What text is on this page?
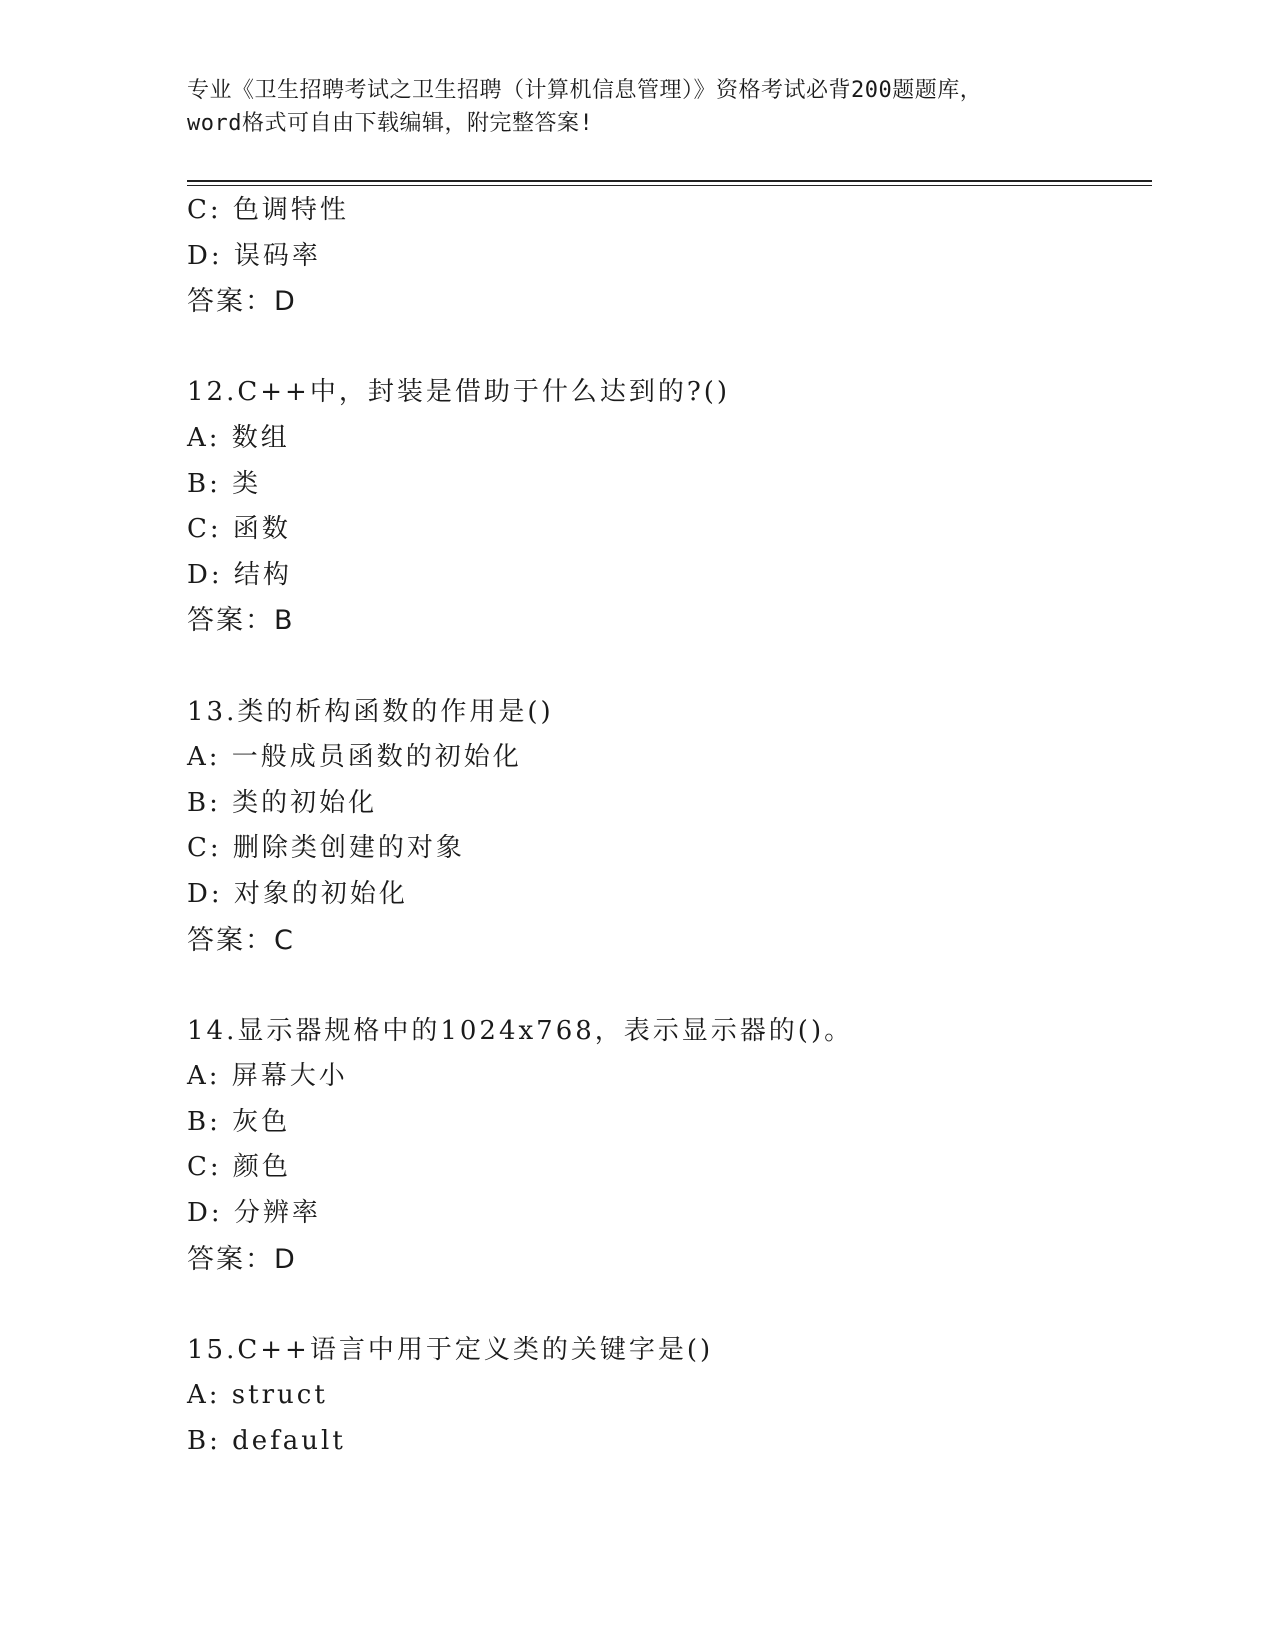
专业《卫生招聘考试之卫生招聘（计算机信息管理）》资格考试必背200题题库，
word格式可自由下载编辑，附完整答案!
C: 色调特性
D: 误码率
答案：D
12.C++中，封装是借助于什么达到的?()
A: 数组
B: 类
C: 函数
D: 结构
答案：B
13.类的析构函数的作用是()
A: 一般成员函数的初始化
B: 类的初始化
C: 删除类创建的对象
D: 对象的初始化
答案：C
14.显示器规格中的1024x768，表示显示器的()。
A: 屏幕大小
B: 灰色
C: 颜色
D: 分辨率
答案：D
15.C++语言中用于定义类的关键字是()
A: struct
B: default
